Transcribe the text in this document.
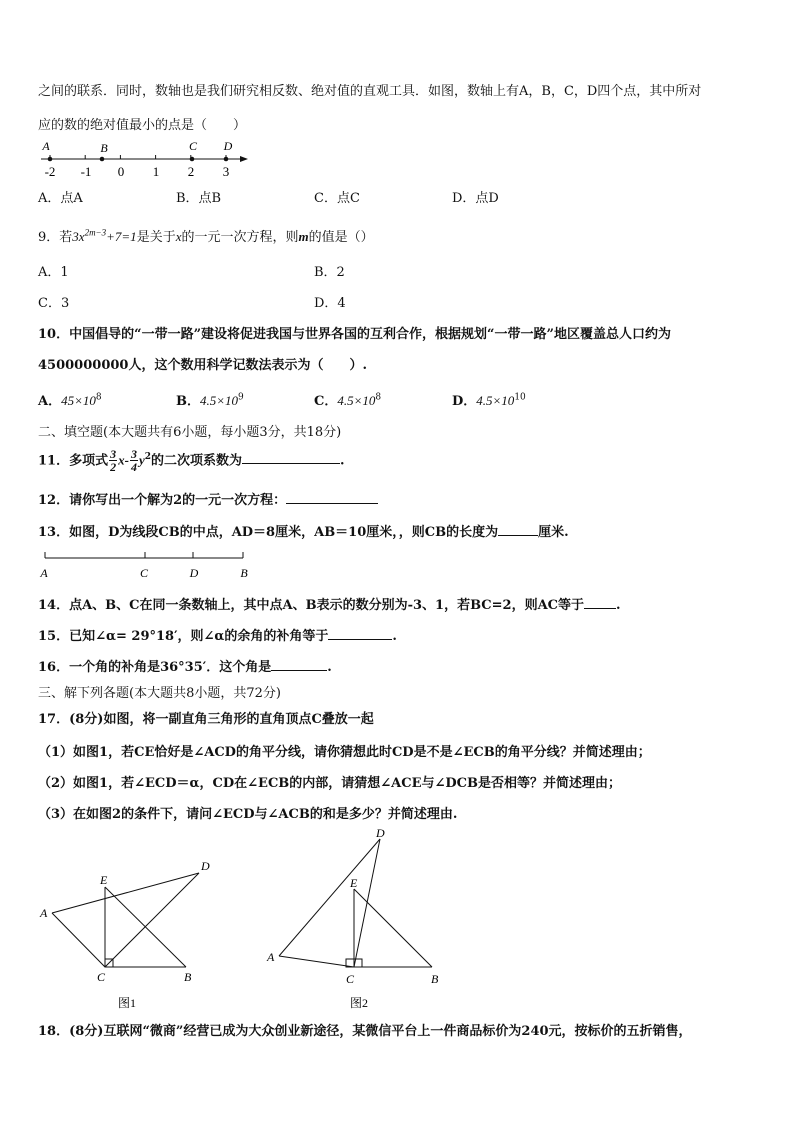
之间的联系．同时，数轴也是我们研究相反数、绝对值的直观工具．如图，数轴上有A，B，C，D四个点，其中所对
应的数的绝对值最小的点是（　　）
A	B	C D
-2 -1 0 1 2 3
A．点A	B．点B	C．点C	D．点D
9．若$3x^{2m-3}+7=1$是关于x的一元一次方程，则m的值是（）
A．1	B．2
C．3	D．4
10．中国倡导的“一带一路”建设将促进我国与世界各国的互利合作，根据规划“一带一路”地区覆盖总人口约为
4500000000人，这个数用科学记数法表示为（　　）.
A．$45\times 10^8$	B．$4.5\times 10^9$	C．$4.5\times 10^8$	D．$4.5\times 10^{10}$
二、填空题(本大题共有6小题，每小题3分，共18分)
11．多项式 $\frac{3}{2} x- \frac{3}{4} y^2$的二次项系数为	.
12．请你写出一个解为2的一元一次方程：
13．如图，D为线段CB的中点，AD＝8厘米，AB＝10厘米，，则CB的长度为	厘米.
A	C	D	B
14．点A、B、C在同一条数轴上，其中点A、B表示的数分别为-3、1，若BC=2，则AC等于 .
15．已知∠α= 29°18′，则∠α的余角的补角等于	.
16．一个角的补角是36°35′．这个角是	.
三、解下列各题(本大题共8小题，共72分)
17．(8分)如图，将一副直角三角形的直角顶点C叠放一起
（1）如图1，若CE恰好是∠ACD的角平分线，请你猜想此时CD是不是∠ECB的角平分线？并简述理由；
（2）如图1，若∠ECD＝α，CD在∠ECB的内部，请猜想∠ACE与∠DCB是否相等？并简述理由；
（3）在如图2的条件下，请问∠ECD与∠ACB的和是多少？并简述理由.
A
E
D
C	B
图1
D
E
A
C	B
图2
18．(8分)互联网“微商”经营已成为大众创业新途径，某微信平台上一件商品标价为240元，按标价的五折销售，
